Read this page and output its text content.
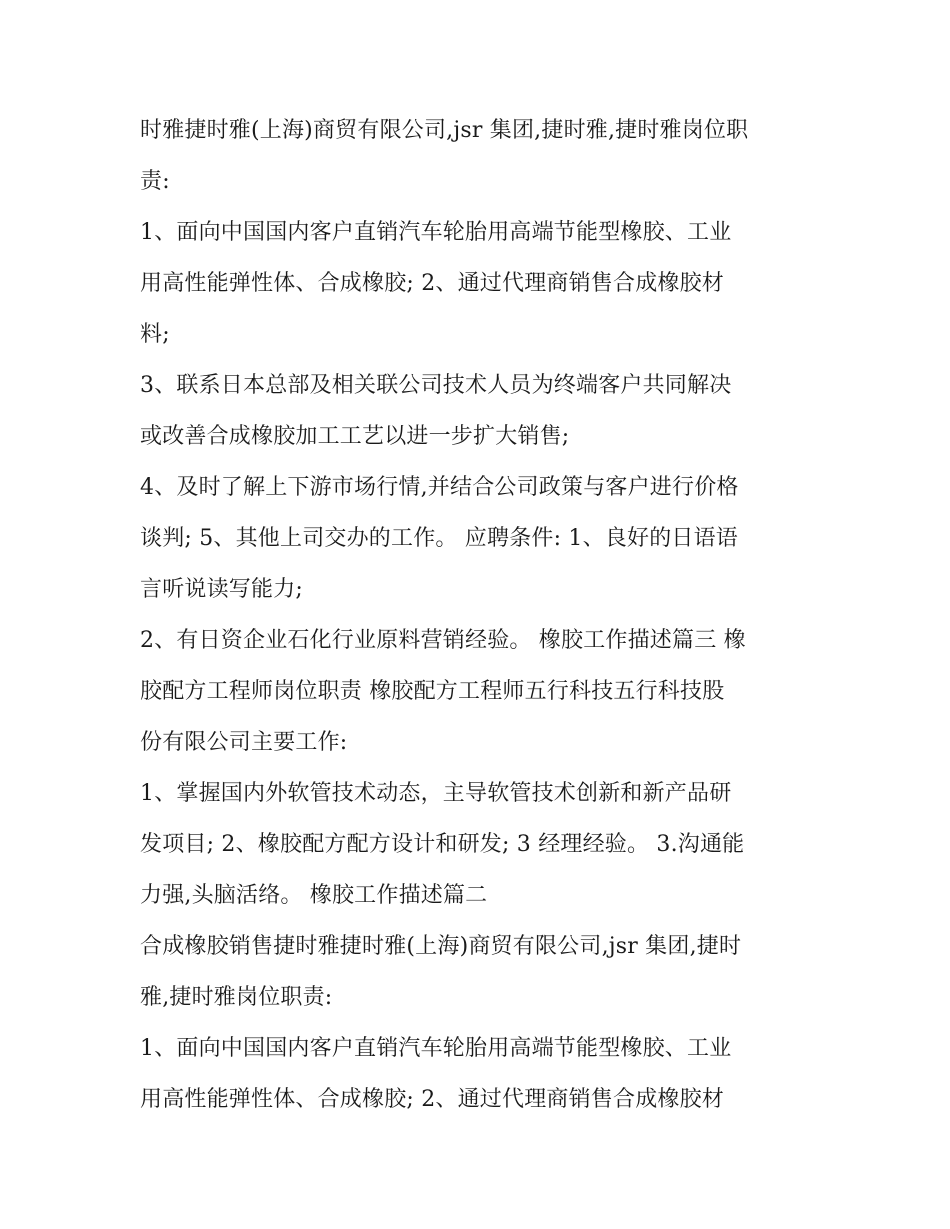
时雅捷时雅(上海)商贸有限公司,jsr 集团,捷时雅,捷时雅岗位职
责:
1、面向中国国内客户直销汽车轮胎用高端节能型橡胶、工业
用高性能弹性体、合成橡胶; 2、通过代理商销售合成橡胶材
料;
3、联系日本总部及相关联公司技术人员为终端客户共同解决
或改善合成橡胶加工工艺以进一步扩大销售;
4、及时了解上下游市场行情,并结合公司政策与客户进行价格
谈判; 5、其他上司交办的工作。 应聘条件: 1、良好的日语语
言听说读写能力;
2、有日资企业石化行业原料营销经验。 橡胶工作描述篇三 橡
胶配方工程师岗位职责 橡胶配方工程师五行科技五行科技股
份有限公司主要工作:
1、掌握国内外软管技术动态，主导软管技术创新和新产品研
发项目; 2、橡胶配方配方设计和研发; 3 经理经验。 3.沟通能
力强,头脑活络。 橡胶工作描述篇二
合成橡胶销售捷时雅捷时雅(上海)商贸有限公司,jsr 集团,捷时
雅,捷时雅岗位职责:
1、面向中国国内客户直销汽车轮胎用高端节能型橡胶、工业
用高性能弹性体、合成橡胶; 2、通过代理商销售合成橡胶材
